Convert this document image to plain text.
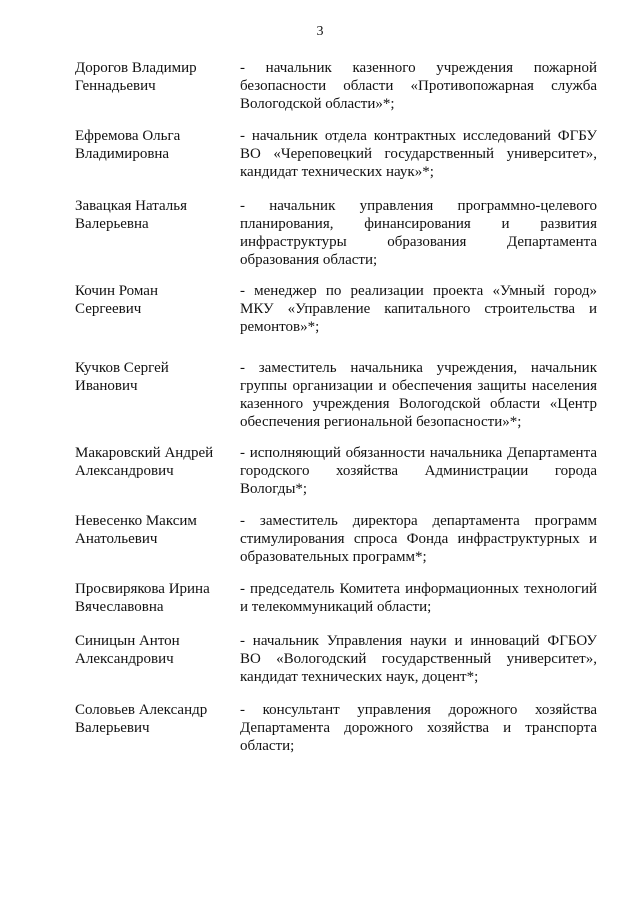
3
Дорогов Владимир
Геннадьевич
- начальник казенного учреждения пожарной безопасности области «Противопожарная служба Вологодской области»*;
Ефремова Ольга
Владимировна
- начальник отдела контрактных исследований ФГБУ ВО «Череповецкий государственный университет», кандидат технических наук»*;
Завацкая Наталья
Валерьевна
- начальник управления программно-целевого планирования, финансирования и развития инфраструктуры образования Департамента образования области;
Кочин Роман
Сергеевич
- менеджер по реализации проекта «Умный город» МКУ «Управление капитального строительства и ремонтов»*;
Кучков Сергей
Иванович
- заместитель начальника учреждения, начальник группы организации и обеспечения защиты населения казенного учреждения Вологодской области «Центр обеспечения региональной безопасности»*;
Макаровский Андрей
Александрович
- исполняющий обязанности начальника Департамента городского хозяйства Администрации города Вологды*;
Невесенко Максим
Анатольевич
- заместитель директора департамента программ стимулирования спроса Фонда инфраструктурных и образовательных программ*;
Просвирякова Ирина
Вячеславовна
- председатель Комитета информационных технологий и телекоммуникаций области;
Синицын Антон
Александрович
- начальник Управления науки и инноваций ФГБОУ ВО «Вологодский государственный университет», кандидат технических наук, доцент*;
Соловьев Александр
Валерьевич
- консультант управления дорожного хозяйства Департамента дорожного хозяйства и транспорта области;
